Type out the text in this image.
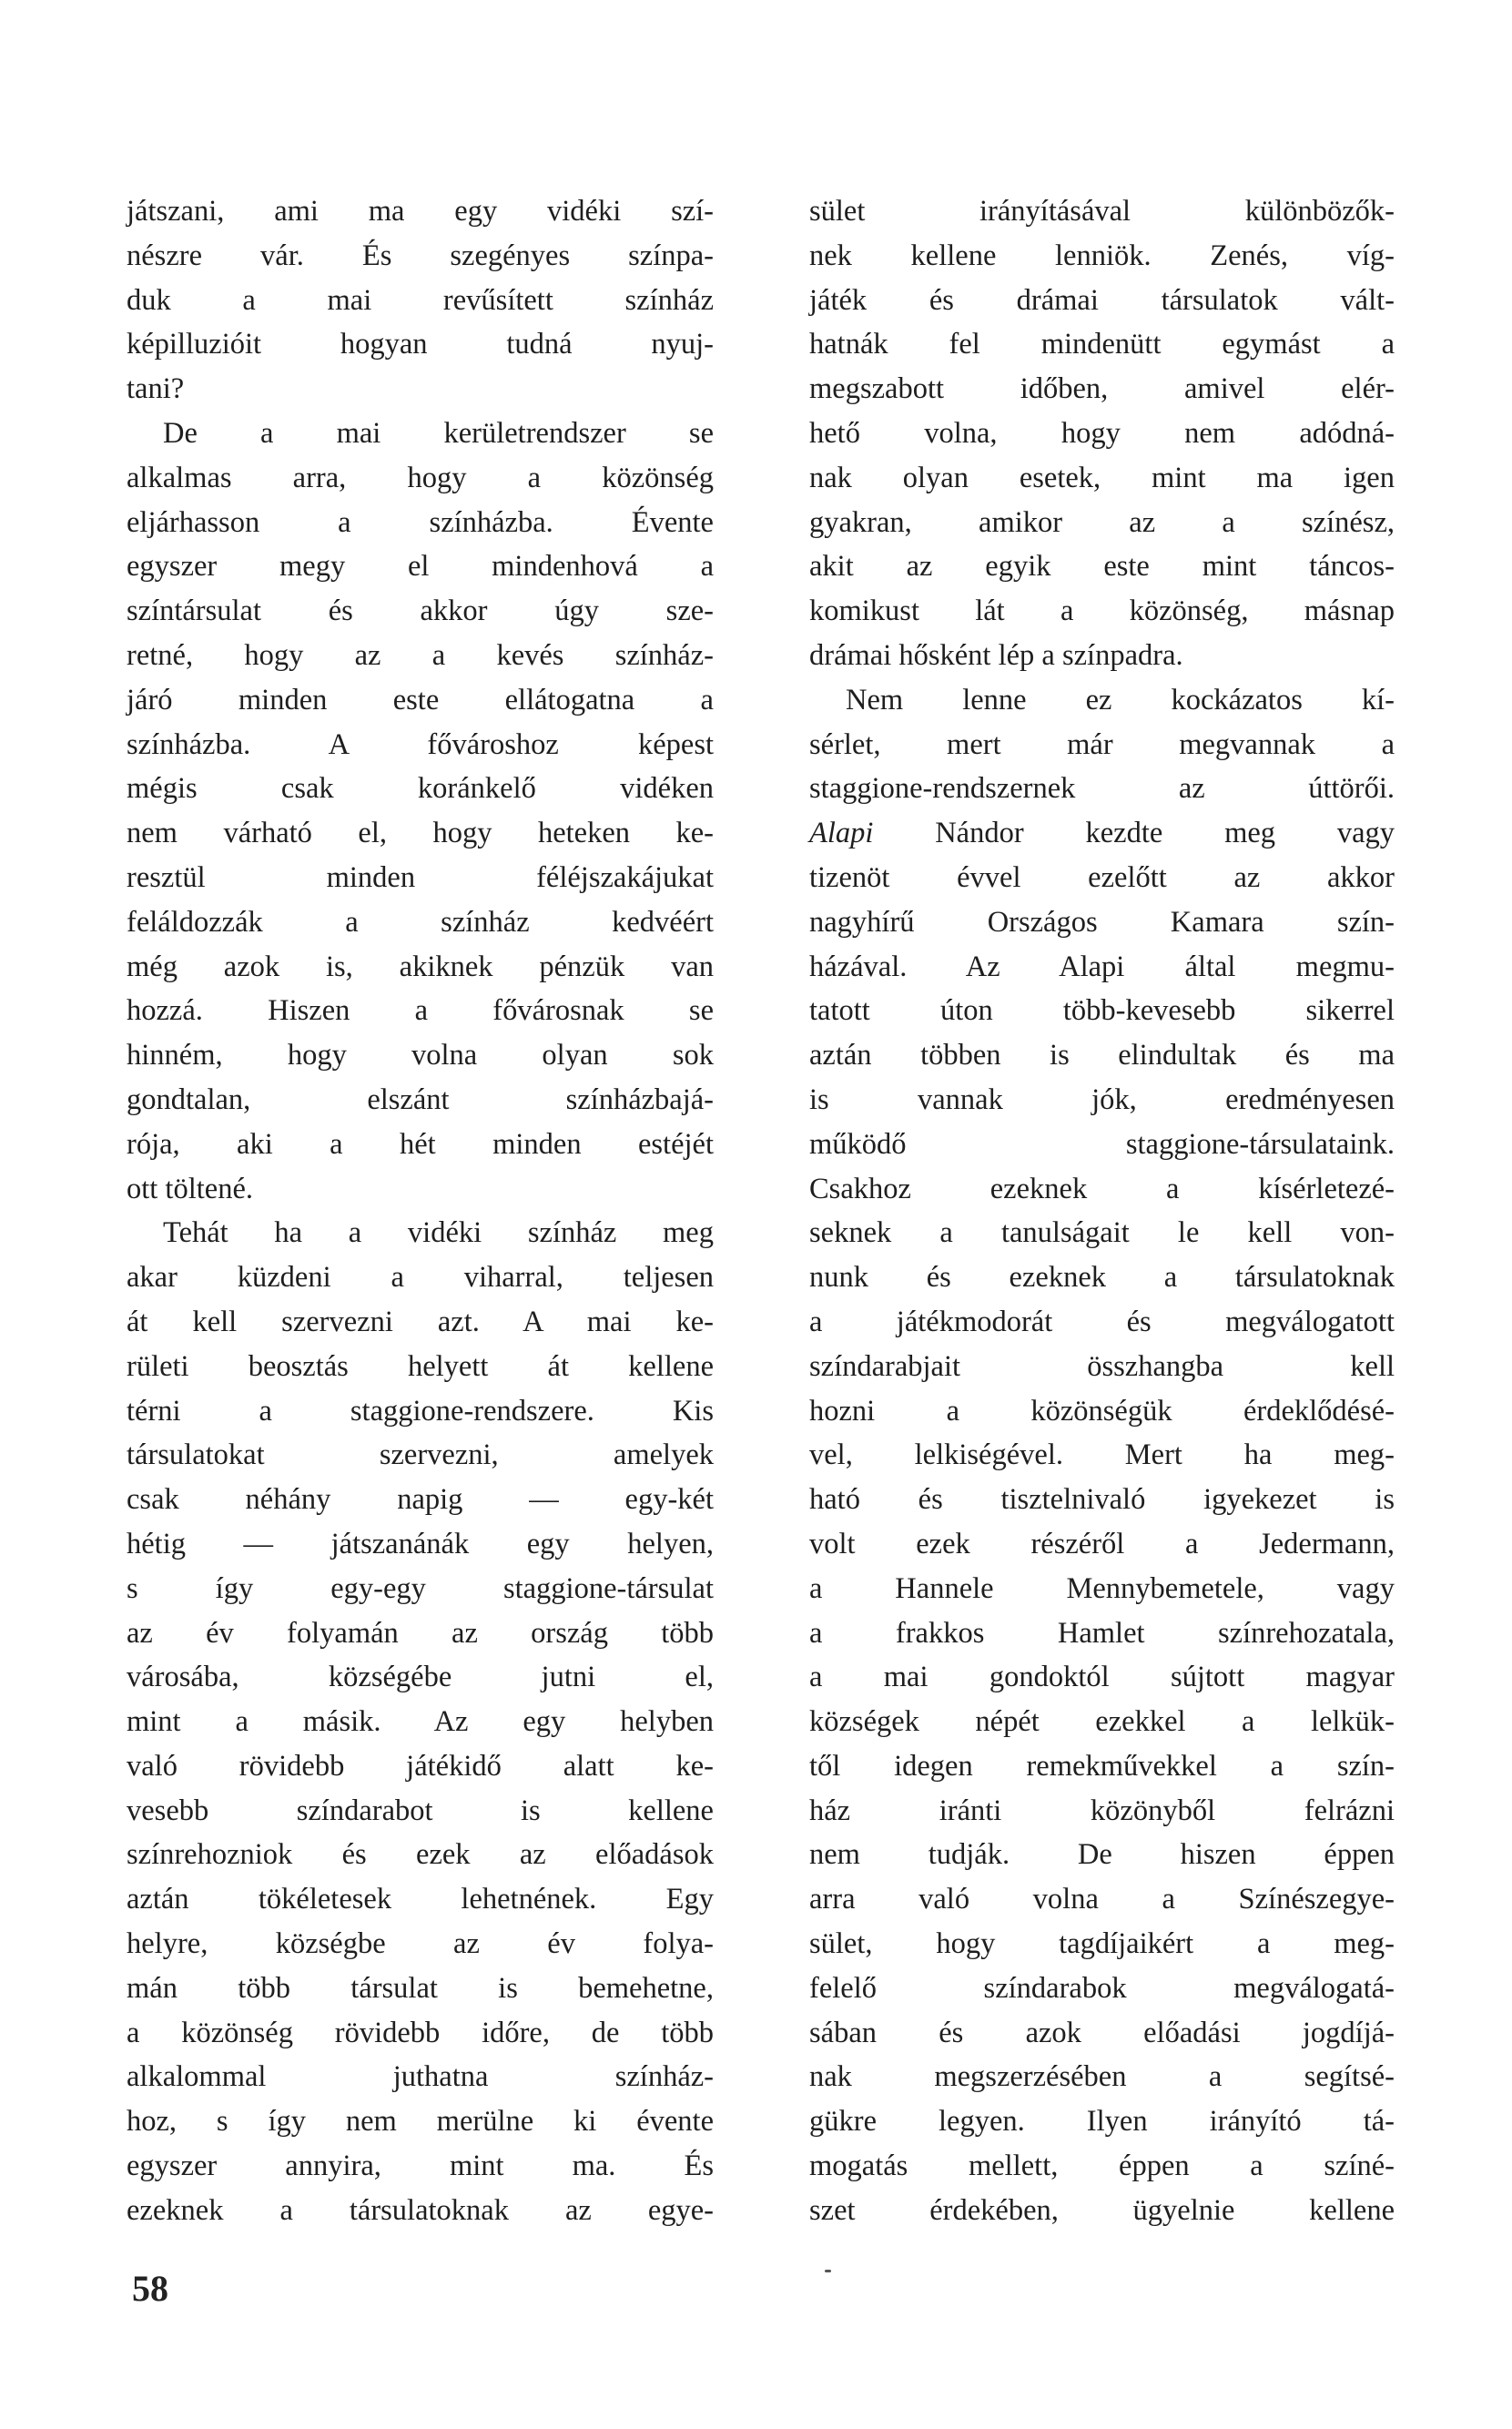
játszani, ami ma egy vidéki szí-
nészre vár. És szegényes színpa-
duk a mai revűsített színház
képilluzióit hogyan tudná nyuj-
tani?
De a mai kerületrendszer se
alkalmas arra, hogy a közönség
eljárhasson a színházba. Évente
egyszer megy el mindenhová a
színtársulat és akkor úgy sze-
retné, hogy az a kevés színház-
járó minden este ellátogatna a
színházba. A fővároshoz képest
mégis csak koránkelő vidéken
nem várható el, hogy heteken ke-
resztül minden féléjszakájukat
feláldozzák a színház kedvéért
még azok is, akiknek pénzük van
hozzá. Hiszen a fővárosnak se
hinném, hogy volna olyan sok
gondtalan, elszánt színházbajá-
rója, aki a hét minden estéjét
ott töltené.
Tehát ha a vidéki színház meg
akar küzdeni a viharral, teljesen
át kell szervezni azt. A mai ke-
rületi beosztás helyett át kellene
térni a staggione-rendszere. Kis
társulatokat szervezni, amelyek
csak néhány napig — egy-két
hétig — játszanánák egy helyen,
s így egy-egy staggione-társulat
az év folyamán az ország több
városába, községébe jutni el,
mint a másik. Az egy helyben
való rövidebb játékidő alatt ke-
vesebb színdarabot is kellene
színrehozniok és ezek az előadások
aztán tökéletesek lehetnének. Egy
helyre, községbe az év folya-
mán több társulat is bemehetne,
a közönség rövidebb időre, de több
alkalommal juthatna színház-
hoz, s így nem merülne ki évente
egyszer annyira, mint ma. És
ezeknek a társulatoknak az egye-
sület irányításával különbözők-
nek kellene lenniök. Zenés, víg-
játék és drámai társulatok vált-
hatnák fel mindenütt egymást a
megszabott időben, amivel elér-
hető volna, hogy nem adódná-
nak olyan esetek, mint ma igen
gyakran, amikor az a színész,
akit az egyik este mint táncos-
komikust lát a közönség, másnap
drámai hősként lép a színpadra.
Nem lenne ez kockázatos kí-
sérlet, mert már megvannak a
staggione-rendszernek az úttörői.
Alapi Nándor kezdte meg vagy
tizenöt évvel ezelőtt az akkor
nagyhírű Országos Kamara szín-
házával. Az Alapi által megmu-
tatott úton több-kevesebb sikerrel
aztán többen is elindultak és ma
is vannak jók, eredményesen
működő staggione-társulataink.
Csakhoz ezeknek a kísérletezé-
seknek a tanulságait le kell von-
nunk és ezeknek a társulatoknak
a játékmodorát és megválogatott
színdarabjait összhangba kell
hozni a közönségük érdeklődésé-
vel, lelkiségével. Mert ha meg-
ható és tisztelnivaló igyekezet is
volt ezek részéről a Jedermann,
a Hannele Mennybemetele, vagy
a frakkos Hamlet színrehozatala,
a mai gondoktól sújtott magyar
községek népét ezekkel a lelkük-
től idegen remekművekkel a szín-
ház iránti közönyből felrázni
nem tudják. De hiszen éppen
arra való volna a Színészegye-
sület, hogy tagdíjaikért a meg-
felelő színdarabok megválogatá-
sában és azok előadási jogdíjá-
nak megszerzésében a segítsé-
gükre legyen. Ilyen irányító tá-
mogatás mellett, éppen a színé-
szet érdekében, ügyelnie kellene
58
